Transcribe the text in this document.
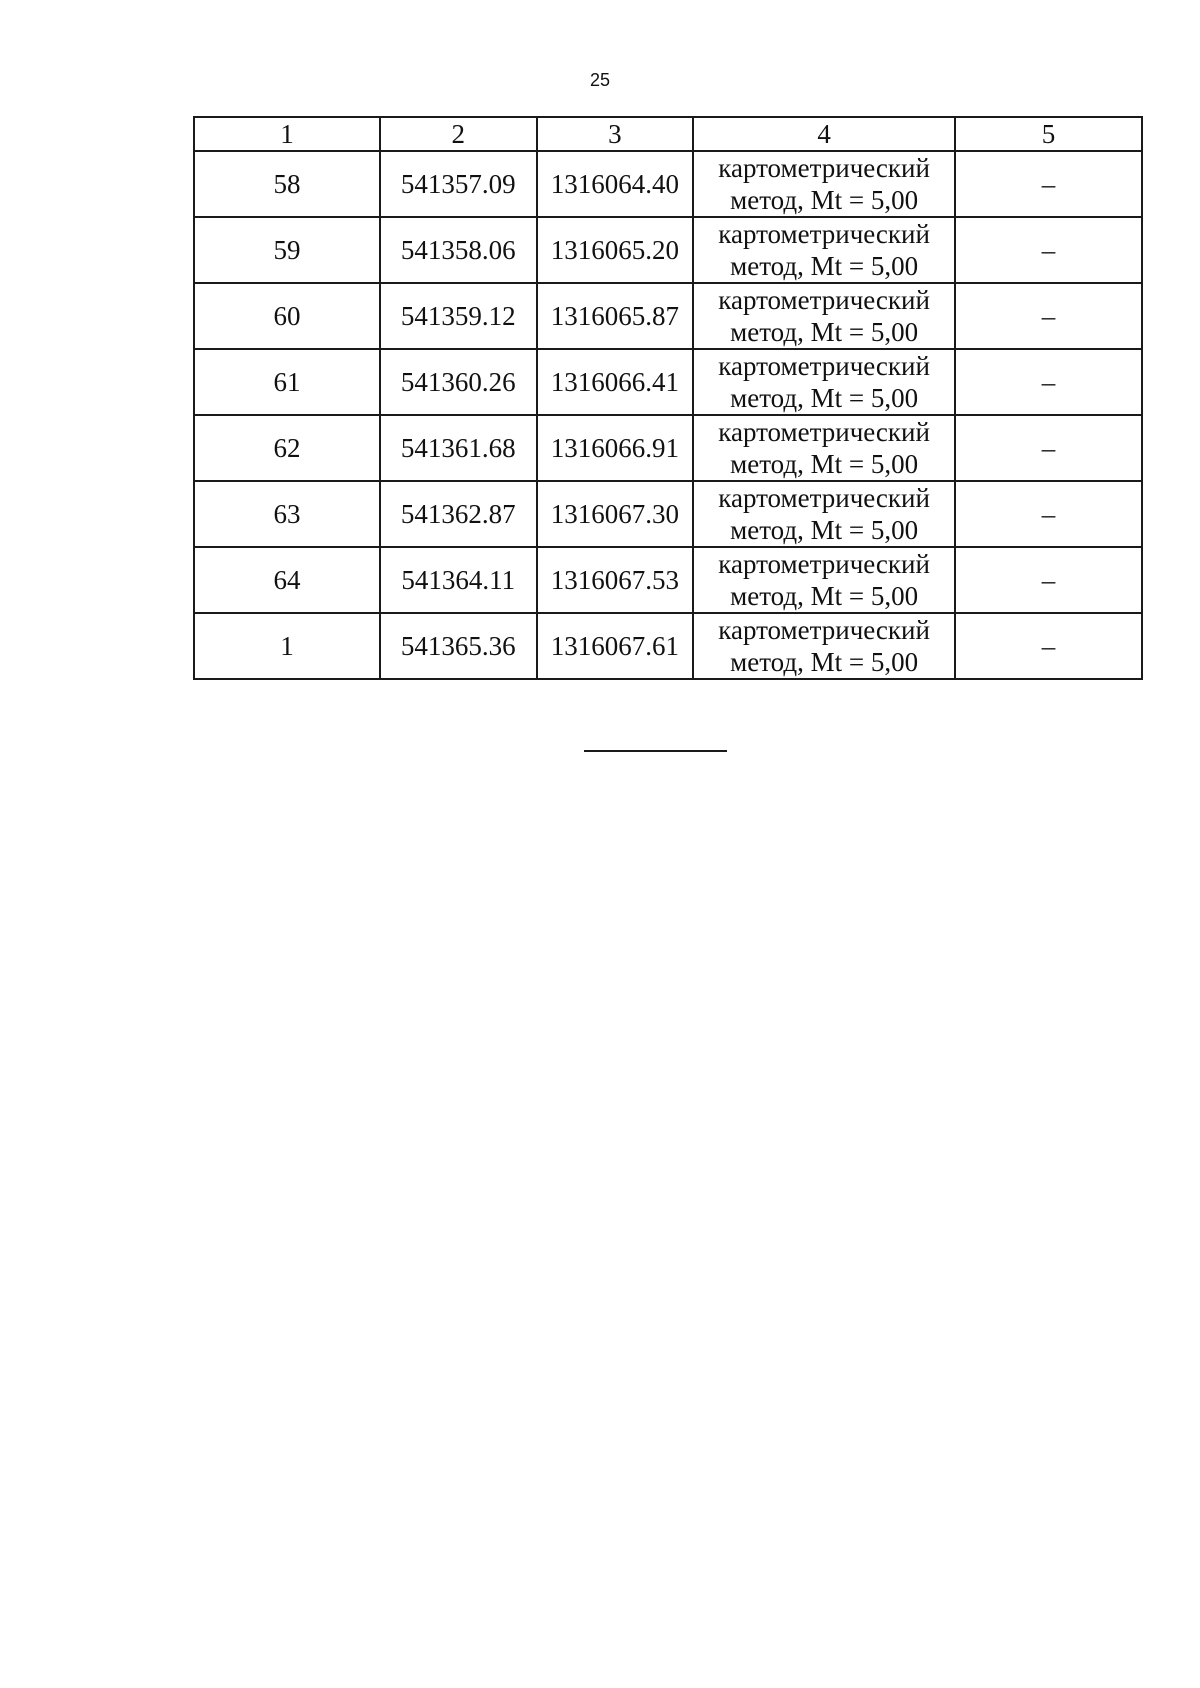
25
1	2	3	4	5
58	541357.09	1316064.40	картометрический
метод, Mt = 5,00	–
59	541358.06	1316065.20	картометрический
метод, Mt = 5,00	–
60	541359.12	1316065.87	картометрический
метод, Mt = 5,00	–
61	541360.26	1316066.41	картометрический
метод, Mt = 5,00	–
62	541361.68	1316066.91	картометрический
метод, Mt = 5,00	–
63	541362.87	1316067.30	картометрический
метод, Mt = 5,00	–
64	541364.11	1316067.53	картометрический
метод, Mt = 5,00	–
1	541365.36	1316067.61	картометрический
метод, Mt = 5,00	–
